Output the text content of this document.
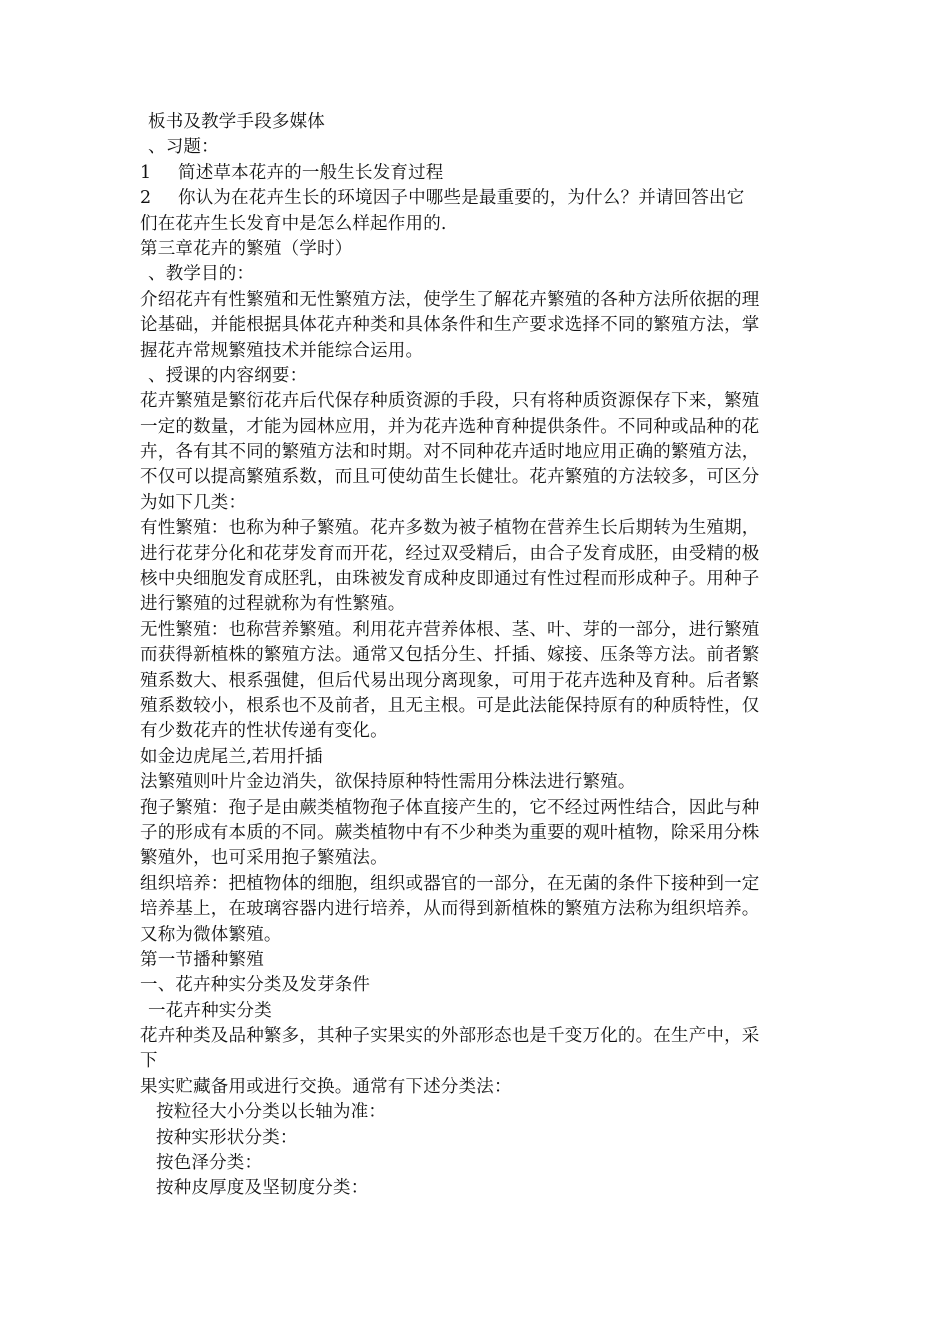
板书及教学手段多媒体
、习题：
1 简述草本花卉的一般生长发育过程
2 你认为在花卉生长的环境因子中哪些是最重要的，为什么？并请回答出它
们在花卉生长发育中是怎么样起作用的.
第三章花卉的繁殖（学时）
、教学目的：
介绍花卉有性繁殖和无性繁殖方法，使学生了解花卉繁殖的各种方法所依据的理
论基础，并能根据具体花卉种类和具体条件和生产要求选择不同的繁殖方法，掌
握花卉常规繁殖技术并能综合运用。
、授课的内容纲要：
花卉繁殖是繁衍花卉后代保存种质资源的手段，只有将种质资源保存下来，繁殖
一定的数量，才能为园林应用，并为花卉选种育种提供条件。不同种或品种的花
卉，各有其不同的繁殖方法和时期。对不同种花卉适时地应用正确的繁殖方法，
不仅可以提高繁殖系数，而且可使幼苗生长健壮。花卉繁殖的方法较多，可区分
为如下几类：
有性繁殖：也称为种子繁殖。花卉多数为被子植物在营养生长后期转为生殖期，
进行花芽分化和花芽发育而开花，经过双受精后，由合子发育成胚，由受精的极
核中央细胞发育成胚乳，由珠被发育成种皮即通过有性过程而形成种子。用种子
进行繁殖的过程就称为有性繁殖。
无性繁殖：也称营养繁殖。利用花卉营养体根、茎、叶、芽的一部分，进行繁殖
而获得新植株的繁殖方法。通常又包括分生、扦插、嫁接、压条等方法。前者繁
殖系数大、根系强健，但后代易出现分离现象，可用于花卉选种及育种。后者繁
殖系数较小，根系也不及前者，且无主根。可是此法能保持原有的种质特性，仅
有少数花卉的性状传递有变化。
如金边虎尾兰,若用扦插
法繁殖则叶片金边消失，欲保持原种特性需用分株法进行繁殖。
孢子繁殖：孢子是由蕨类植物孢子体直接产生的，它不经过两性结合，因此与种
子的形成有本质的不同。蕨类植物中有不少种类为重要的观叶植物，除采用分株
繁殖外，也可采用抱子繁殖法。
组织培养：把植物体的细胞，组织或器官的一部分，在无菌的条件下接种到一定
培养基上，在玻璃容器内进行培养，从而得到新植株的繁殖方法称为组织培养。
又称为微体繁殖。
第一节播种繁殖
一、花卉种实分类及发芽条件
一花卉种实分类
花卉种类及品种繁多，其种子实果实的外部形态也是千变万化的。在生产中，采
下
果实贮藏备用或进行交换。通常有下述分类法：
按粒径大小分类以长轴为准：
按种实形状分类：
按色泽分类：
按种皮厚度及坚韧度分类：
